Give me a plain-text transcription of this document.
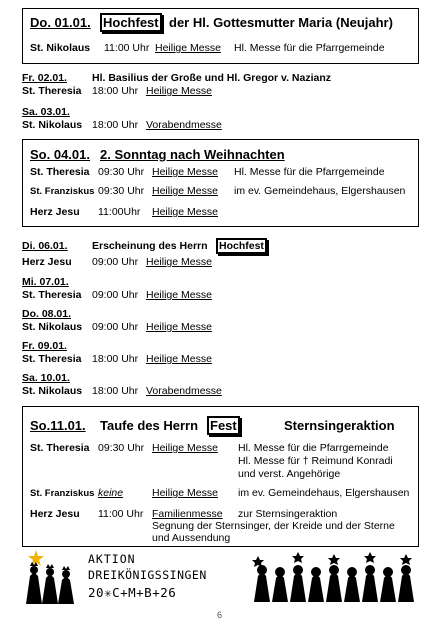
Do. 01.01. Hochfest der Hl. Gottesmutter Maria (Neujahr)
St. Nikolaus 11:00 Uhr Heilige Messe Hl. Messe für die Pfarrgemeinde
Fr. 02.01. Hl. Basilius der Große und Hl. Gregor v. Nazianz
St. Theresia 18:00 Uhr Heilige Messe
Sa. 03.01.
St. Nikolaus 18:00 Uhr Vorabendmesse
So. 04.01. 2. Sonntag nach Weihnachten
St. Theresia 09:30 Uhr Heilige Messe Hl. Messe für die Pfarrgemeinde
St. Franziskus 09:30 Uhr Heilige Messe im ev. Gemeindehaus, Elgershausen
Herz Jesu 11:00Uhr Heilige Messe
Di. 06.01. Erscheinung des Herrn Hochfest
Herz Jesu 09:00 Uhr Heilige Messe
Mi. 07.01.
St. Theresia 09:00 Uhr Heilige Messe
Do. 08.01.
St. Nikolaus 09:00 Uhr Heilige Messe
Fr. 09.01.
St. Theresia 18:00 Uhr Heilige Messe
Sa. 10.01.
St. Nikolaus 18:00 Uhr Vorabendmesse
So.11.01. Taufe des Herrn Fest	Sternsingeraktion
St. Theresia 09:30 Uhr Heilige Messe Hl. Messe für die Pfarrgemeinde
Hl. Messe für † Reimund Konradi
und verst. Angehörige
St. Franziskus keine	Heilige Messe im ev. Gemeindehaus, Elgershausen
Herz Jesu 11:00 Uhr Familienmesse zur Sternsingeraktion
Segnung der Sternsinger, der Kreide und der Sterne
und Aussendung
AKTION
DREIKÖNIGSSINGEN
20✳C+M+B+26
6
